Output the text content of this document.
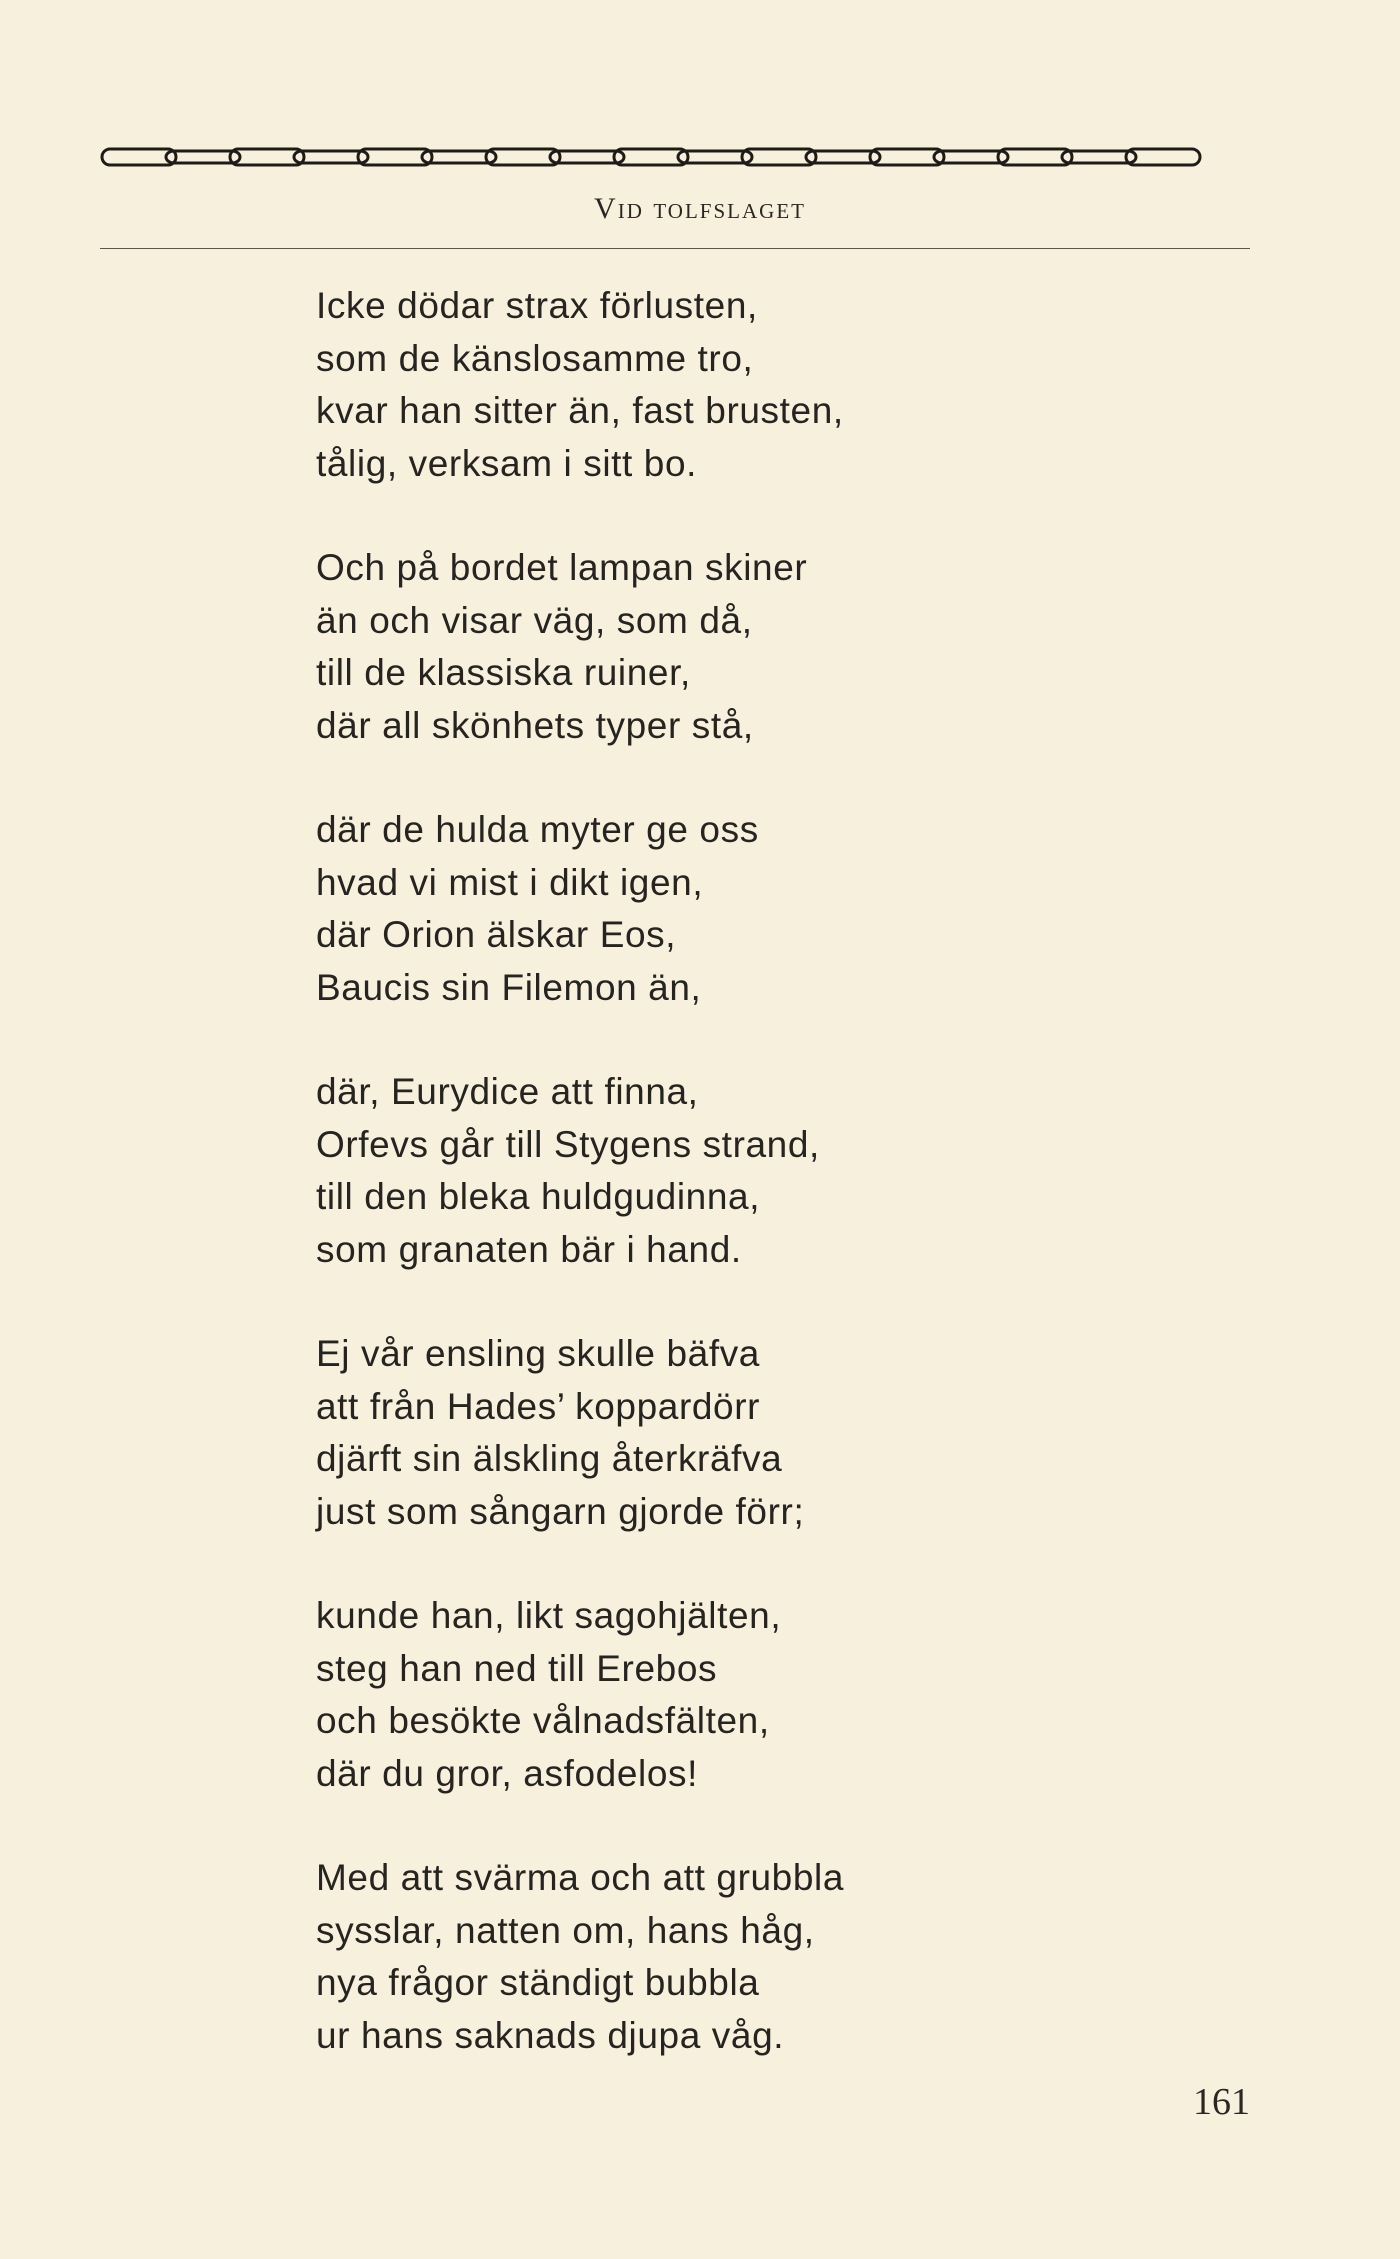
Vid tolfslaget
Icke dödar strax förlusten,
som de känslosamme tro,
kvar han sitter än, fast brusten,
tålig, verksam i sitt bo.
Och på bordet lampan skiner
än och visar väg, som då,
till de klassiska ruiner,
där all skönhets typer stå,
där de hulda myter ge oss
hvad vi mist i dikt igen,
där Orion älskar Eos,
Baucis sin Filemon än,
där, Eurydice att finna,
Orfevs går till Stygens strand,
till den bleka huldgudinna,
som granaten bär i hand.
Ej vår ensling skulle bäfva
att från Hades’ koppardörr
djärft sin älskling återkräfva
just som sångarn gjorde förr;
kunde han, likt sagohjälten,
steg han ned till Erebos
och besökte vålnadsfälten,
där du gror, asfodelos!
Med att svärma och att grubbla
sysslar, natten om, hans håg,
nya frågor ständigt bubbla
ur hans saknads djupa våg.
161
